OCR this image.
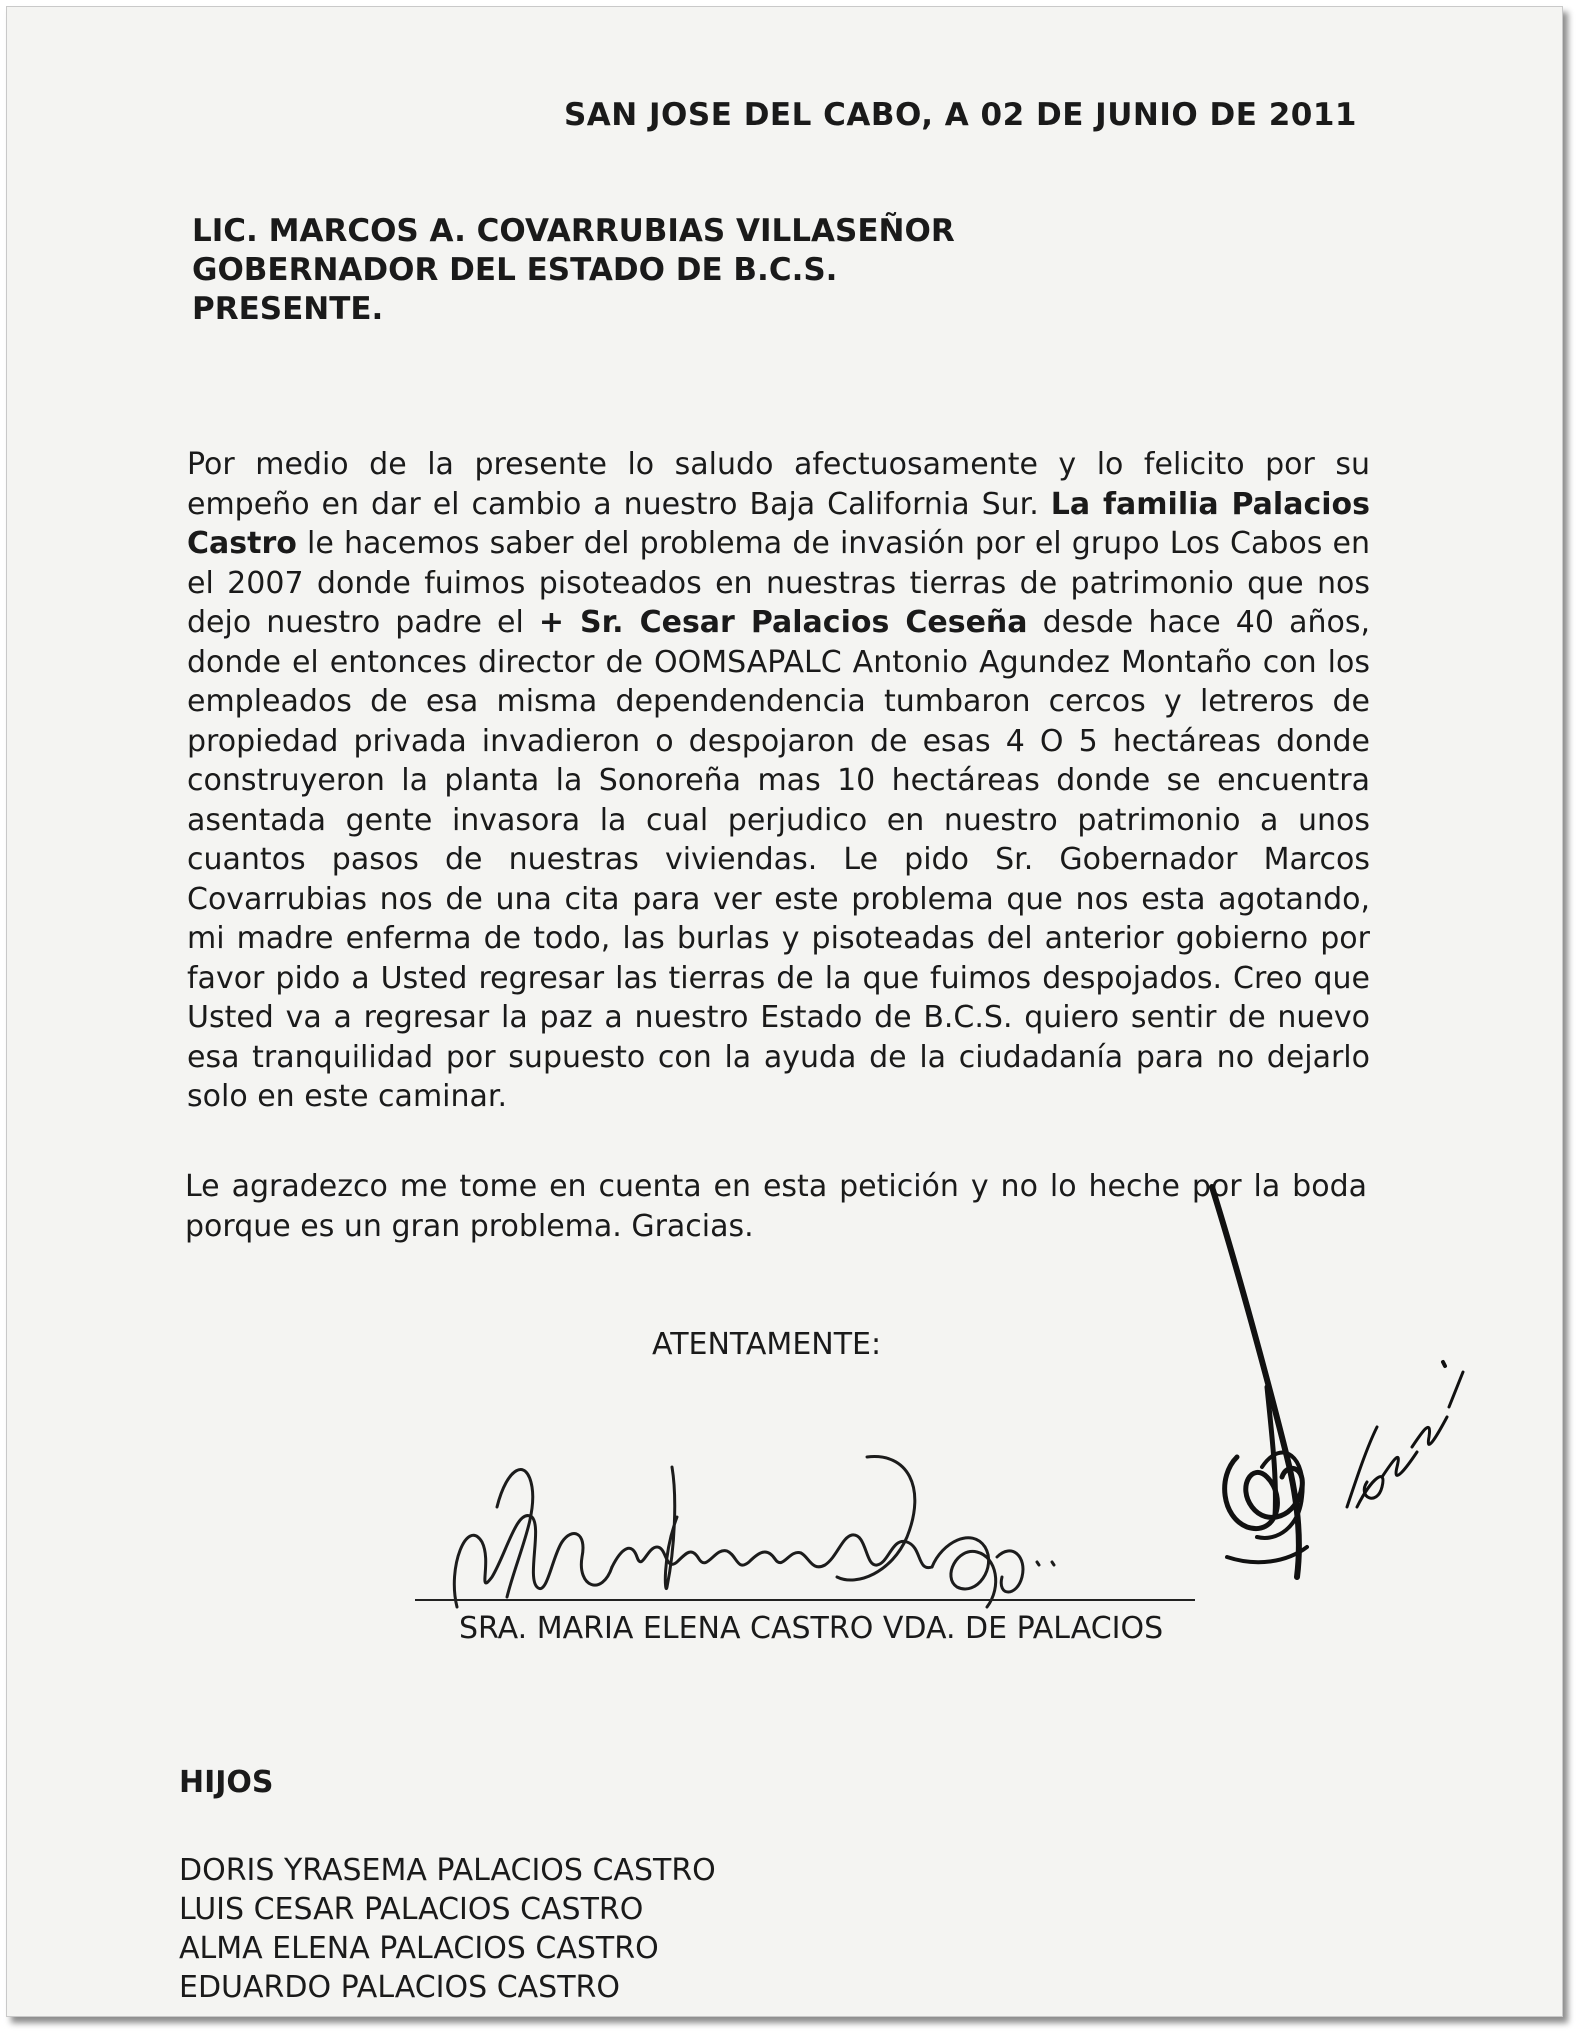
SAN JOSE DEL CABO, A 02 DE JUNIO DE 2011
LIC. MARCOS A. COVARRUBIAS VILLASEÑOR
GOBERNADOR DEL ESTADO DE B.C.S.
PRESENTE.
Por medio de la presente lo saludo afectuosamente y lo felicito por su empeño en dar el cambio a nuestro Baja California Sur. La familia Palacios Castro le hacemos saber del problema de invasión por el grupo Los Cabos en el 2007 donde fuimos pisoteados en nuestras tierras de patrimonio que nos dejo nuestro padre el + Sr. Cesar Palacios Ceseña desde hace 40 años, donde el entonces director de OOMSAPALC Antonio Agundez Montaño con los empleados de esa misma dependendencia tumbaron cercos y letreros de propiedad privada invadieron o despojaron de esas 4 O 5 hectáreas donde construyeron la planta la Sonoreña mas 10 hectáreas donde se encuentra asentada gente invasora la cual perjudico en nuestro patrimonio a unos cuantos pasos de nuestras viviendas. Le pido Sr. Gobernador Marcos Covarrubias nos de una cita para ver este problema que nos esta agotando, mi madre enferma de todo, las burlas y pisoteadas del anterior gobierno por favor pido a Usted regresar las tierras de la que fuimos despojados. Creo que Usted va a regresar la paz a nuestro Estado de B.C.S. quiero sentir de nuevo esa tranquilidad por supuesto con la ayuda de la ciudadanía para no dejarlo solo en este caminar.
Le agradezco me tome en cuenta en esta petición y no lo heche por la boda porque es un gran problema. Gracias.
ATENTAMENTE:
SRA. MARIA ELENA CASTRO VDA. DE PALACIOS
HIJOS
DORIS YRASEMA PALACIOS CASTRO
LUIS CESAR PALACIOS CASTRO
ALMA ELENA PALACIOS CASTRO
EDUARDO PALACIOS CASTRO
